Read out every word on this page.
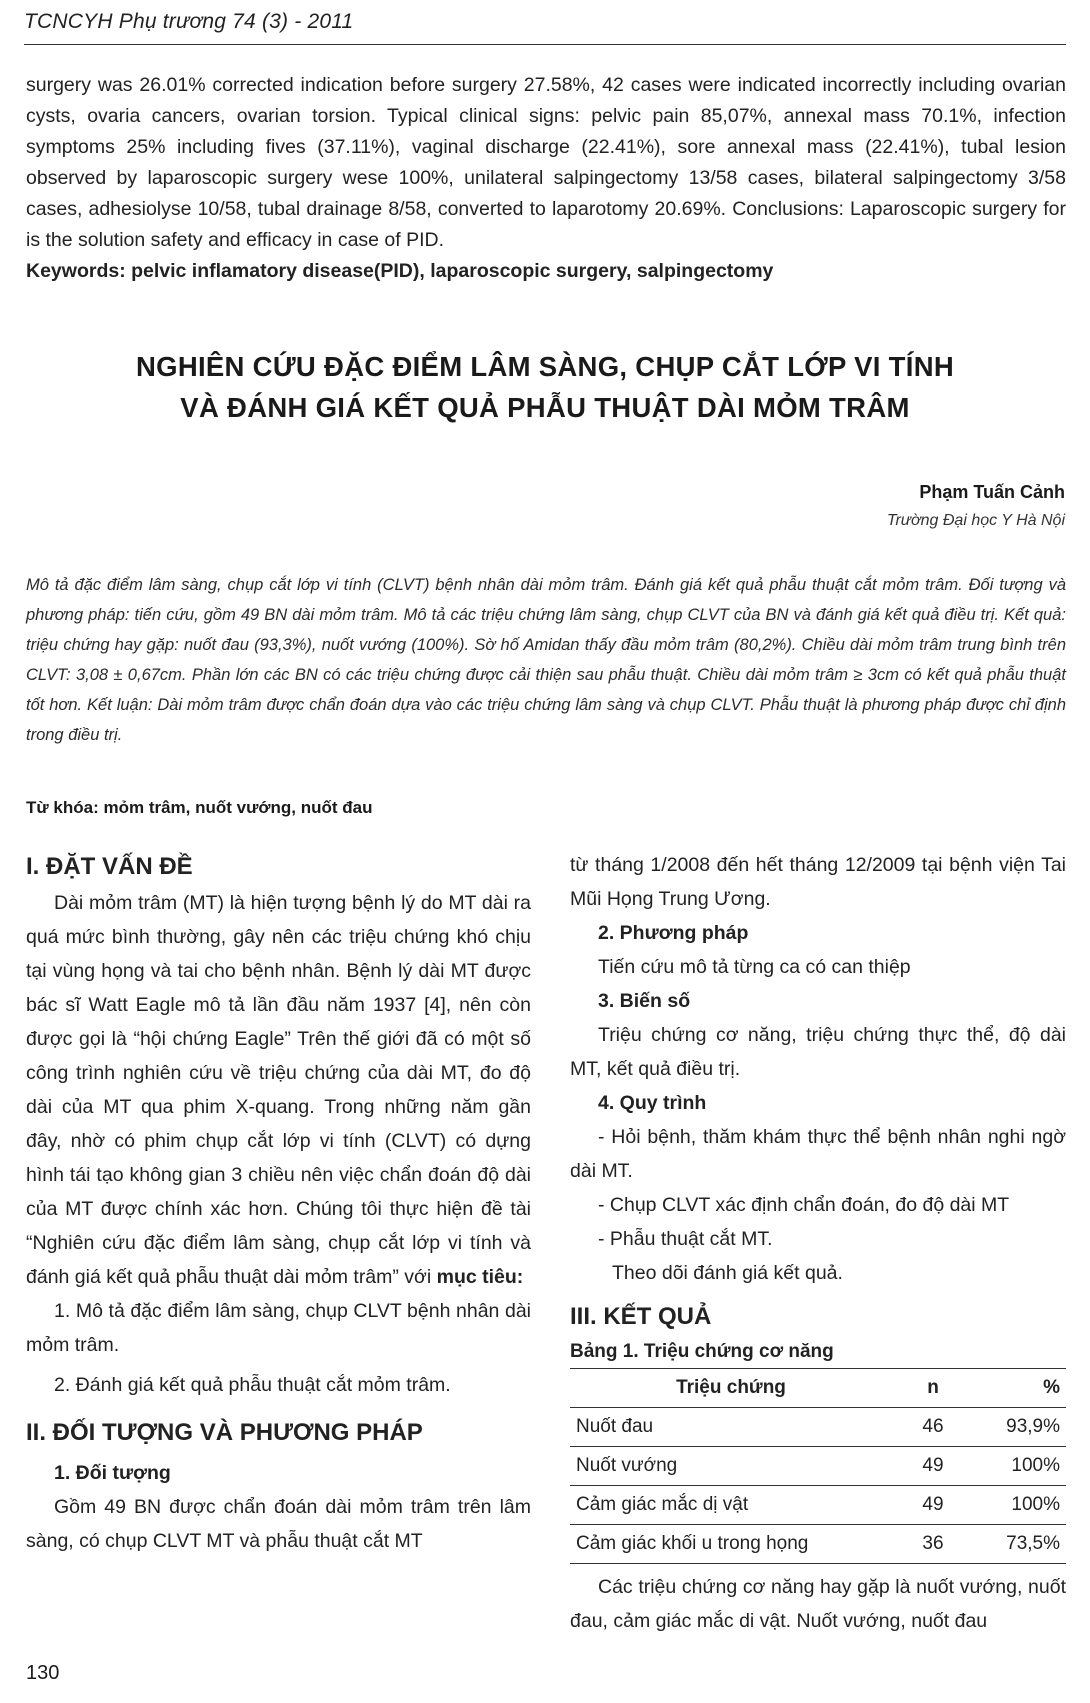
TCNCYH Phụ trương 74 (3) - 2011

surgery was 26.01% corrected indication before surgery 27.58%, 42 cases were indicated incorrectly including ovarian cysts, ovaria cancers, ovarian torsion. Typical clinical signs: pelvic pain 85,07%, annexal mass 70.1%, infection symptoms 25% including fives (37.11%), vaginal discharge (22.41%), sore annexal mass (22.41%), tubal lesion observed by laparoscopic surgery wese 100%, unilateral salpingectomy 13/58 cases, bilateral salpingectomy 3/58 cases, adhesiolyse 10/58, tubal drainage 8/58, converted to laparotomy 20.69%. Conclusions: Laparoscopic surgery for is the solution safety and efficacy in case of PID.

Keywords: pelvic inflamatory disease(PID), laparoscopic surgery, salpingectomy

NGHIÊN CỨU ĐẶC ĐIỂM LÂM SÀNG, CHỤP CẮT LỚP VI TÍNH
VÀ ĐÁNH GIÁ KẾT QUẢ PHẪU THUẬT DÀI MỎM TRÂM
Phạm Tuấn Cảnh
Trường Đại học Y Hà Nội

Mô tả đặc điểm lâm sàng, chụp cắt lớp vi tính (CLVT) bệnh nhân dài mỏm trâm. Đánh giá kết quả phẫu thuật cắt mỏm trâm. Đối tượng và phương pháp: tiến cứu, gồm 49 BN dài mỏm trâm. Mô tả các triệu chứng lâm sàng, chụp CLVT của BN và đánh giá kết quả điều trị. Kết quả: triệu chứng hay gặp: nuốt đau (93,3%), nuốt vướng (100%). Sờ hố Amidan thấy đầu mỏm trâm (80,2%). Chiều dài mỏm trâm trung bình trên CLVT: 3,08 ± 0,67cm. Phần lớn các BN có các triệu chứng được cải thiện sau phẫu thuật. Chiều dài mỏm trâm ≥ 3cm có kết quả phẫu thuật tốt hơn. Kết luận: Dài mỏm trâm được chẩn đoán dựa vào các triệu chứng lâm sàng và chụp CLVT. Phẫu thuật là phương pháp được chỉ định trong điều trị.

Từ khóa: mỏm trâm, nuốt vướng, nuốt đau
I. ĐẶT VẤN ĐỀ

Dài mỏm trâm (MT) là hiện tượng bệnh lý do MT dài ra quá mức bình thường, gây nên các triệu chứng khó chịu tại vùng họng và tai cho bệnh nhân. Bệnh lý dài MT được bác sĩ Watt Eagle mô tả lần đầu năm 1937 [4], nên còn được gọi là “hội chứng Eagle” Trên thế giới đã có một số công trình nghiên cứu về triệu chứng của dài MT, đo độ dài của MT qua phim X-quang. Trong những năm gần đây, nhờ có phim chụp cắt lớp vi tính (CLVT) có dựng hình tái tạo không gian 3 chiều nên việc chẩn đoán độ dài của MT được chính xác hơn. Chúng tôi thực hiện đề tài “Nghiên cứu đặc điểm lâm sàng, chụp cắt lớp vi tính và đánh giá kết quả phẫu thuật dài mỏm trâm” với mục tiêu:

1. Mô tả đặc điểm lâm sàng, chụp CLVT bệnh nhân dài mỏm trâm.

2. Đánh giá kết quả phẫu thuật cắt mỏm trâm.

II. ĐỐI TƯỢNG VÀ PHƯƠNG PHÁP
1. Đối tượng

Gồm 49 BN được chẩn đoán dài mỏm trâm trên lâm sàng, có chụp CLVT MT và phẫu thuật cắt MT

từ tháng 1/2008 đến hết tháng 12/2009 tại bệnh viện Tai Mũi Họng Trung Ương.

2. Phương pháp

Tiến cứu mô tả từng ca có can thiệp

3. Biến số

Triệu chứng cơ năng, triệu chứng thực thể, độ dài MT, kết quả điều trị.

4. Quy trình

- Hỏi bệnh, thăm khám thực thể bệnh nhân nghi ngờ dài MT.

- Chụp CLVT xác định chẩn đoán, đo độ dài MT

- Phẫu thuật cắt MT.

Theo dõi đánh giá kết quả.

III. KẾT QUẢ

Bảng 1. Triệu chứng cơ năng

Triệu chứng	n	%
Nuốt đau	46	93,9%
Nuốt vướng	49	100%
Cảm giác mắc dị vật	49	100%
Cảm giác khối u trong họng	36	73,5%

Các triệu chứng cơ năng hay gặp là nuốt vướng, nuốt đau, cảm giác mắc di vật. Nuốt vướng, nuốt đau

130
